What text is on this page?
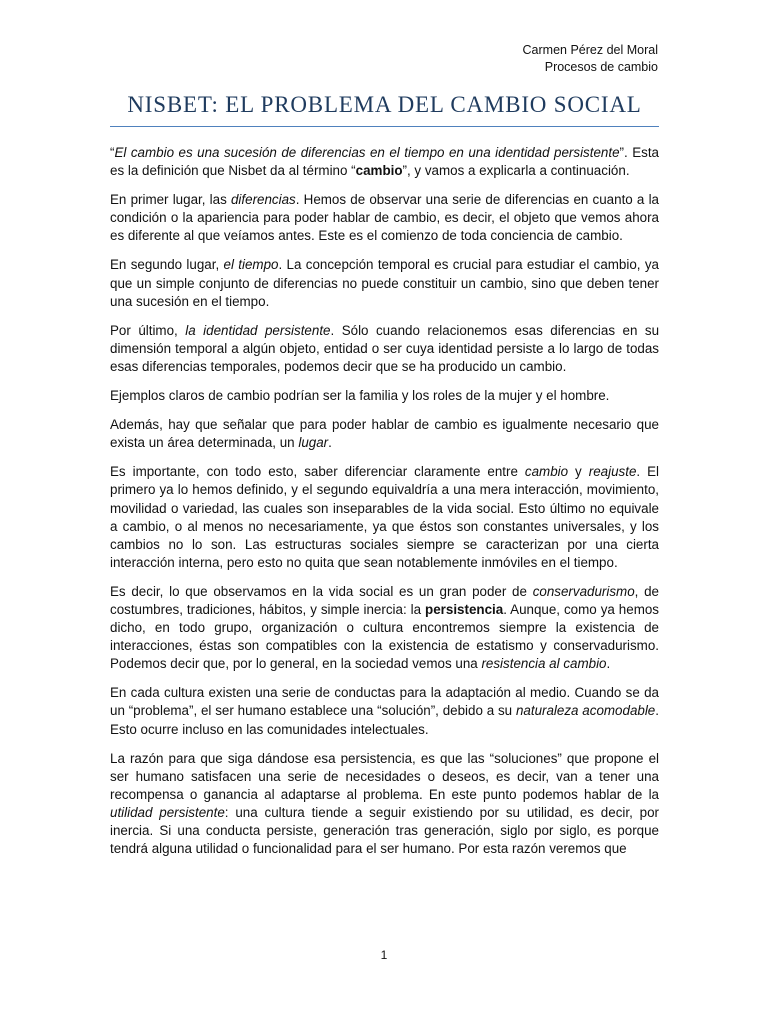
Carmen Pérez del Moral
Procesos de cambio
NISBET: EL PROBLEMA DEL CAMBIO SOCIAL

“El cambio es una sucesión de diferencias en el tiempo en una identidad persistente”. Esta es la definición que Nisbet da al término “cambio”, y vamos a explicarla a continuación.

En primer lugar, las diferencias. Hemos de observar una serie de diferencias en cuanto a la condición o la apariencia para poder hablar de cambio, es decir, el objeto que vemos ahora es diferente al que veíamos antes. Este es el comienzo de toda conciencia de cambio.

En segundo lugar, el tiempo. La concepción temporal es crucial para estudiar el cambio, ya que un simple conjunto de diferencias no puede constituir un cambio, sino que deben tener una sucesión en el tiempo.

Por último, la identidad persistente. Sólo cuando relacionemos esas diferencias en su dimensión temporal a algún objeto, entidad o ser cuya identidad persiste a lo largo de todas esas diferencias temporales, podemos decir que se ha producido un cambio.

Ejemplos claros de cambio podrían ser la familia y los roles de la mujer y el hombre.

Además, hay que señalar que para poder hablar de cambio es igualmente necesario que exista un área determinada, un lugar.

Es importante, con todo esto, saber diferenciar claramente entre cambio y reajuste. El primero ya lo hemos definido, y el segundo equivaldría a una mera interacción, movimiento, movilidad o variedad, las cuales son inseparables de la vida social. Esto último no equivale a cambio, o al menos no necesariamente, ya que éstos son constantes universales, y los cambios no lo son. Las estructuras sociales siempre se caracterizan por una cierta interacción interna, pero esto no quita que sean notablemente inmóviles en el tiempo.

Es decir, lo que observamos en la vida social es un gran poder de conservadurismo, de costumbres, tradiciones, hábitos, y simple inercia: la persistencia. Aunque, como ya hemos dicho, en todo grupo, organización o cultura encontremos siempre la existencia de interacciones, éstas son compatibles con la existencia de estatismo y conservadurismo. Podemos decir que, por lo general, en la sociedad vemos una resistencia al cambio.

En cada cultura existen una serie de conductas para la adaptación al medio. Cuando se da un “problema”, el ser humano establece una “solución”, debido a su naturaleza acomodable. Esto ocurre incluso en las comunidades intelectuales.

La razón para que siga dándose esa persistencia, es que las “soluciones” que propone el ser humano satisfacen una serie de necesidades o deseos, es decir, van a tener una recompensa o ganancia al adaptarse al problema. En este punto podemos hablar de la utilidad persistente: una cultura tiende a seguir existiendo por su utilidad, es decir, por inercia. Si una conducta persiste, generación tras generación, siglo por siglo, es porque tendrá alguna utilidad o funcionalidad para el ser humano. Por esta razón veremos que

1
